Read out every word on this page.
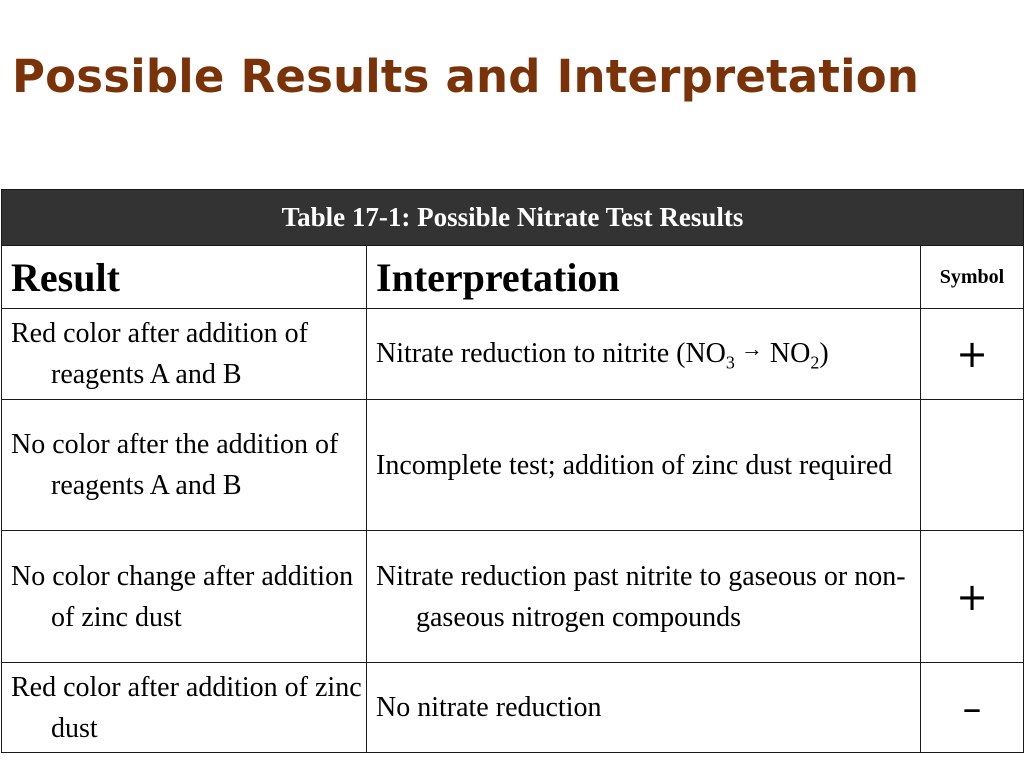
Possible Results and Interpretation
Table 17-1: Possible Nitrate Test Results		
Result	Interpretation	Symbol

Red color after addition of reagents A and B	Nitrate reduction to nitrite ($NO_3^\to$ $NO_2$)	+

No color after the addition of reagents A and B	Incomplete test; addition of zinc dust required	

No color change after addition of zinc dust	Nitrate reduction past nitrite to gaseous or non-gaseous nitrogen compounds	+

Red color after addition of zinc dust	No nitrate reduction	–
